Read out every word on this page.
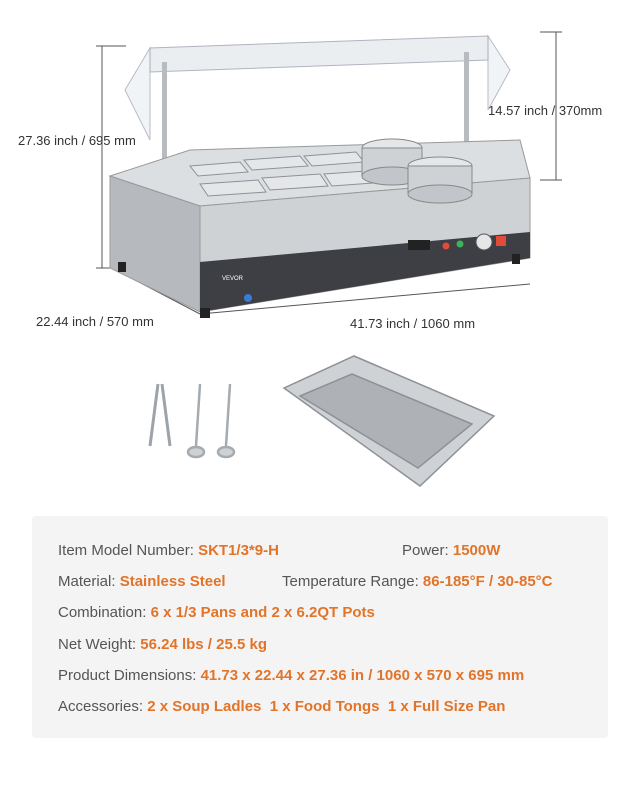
VEVOR
27.36 inch / 695 mm
14.57 inch / 370mm
22.44 inch / 570 mm	41.73 inch / 1060 mm
Item Model Number: SKT1/3*9-H	Power: 1500W
Material: Stainless Steel	Temperature Range: 86-185°F / 30-85°C
Combination: 6 x 1/3 Pans and 2 x 6.2QT Pots
Net Weight: 56.24 lbs / 25.5 kg
Product Dimensions: 41.73 x 22.44 x 27.36 in / 1060 x 570 x 695 mm
Accessories: 2 x Soup Ladles 1 x Food Tongs 1 x Full Size Pan
